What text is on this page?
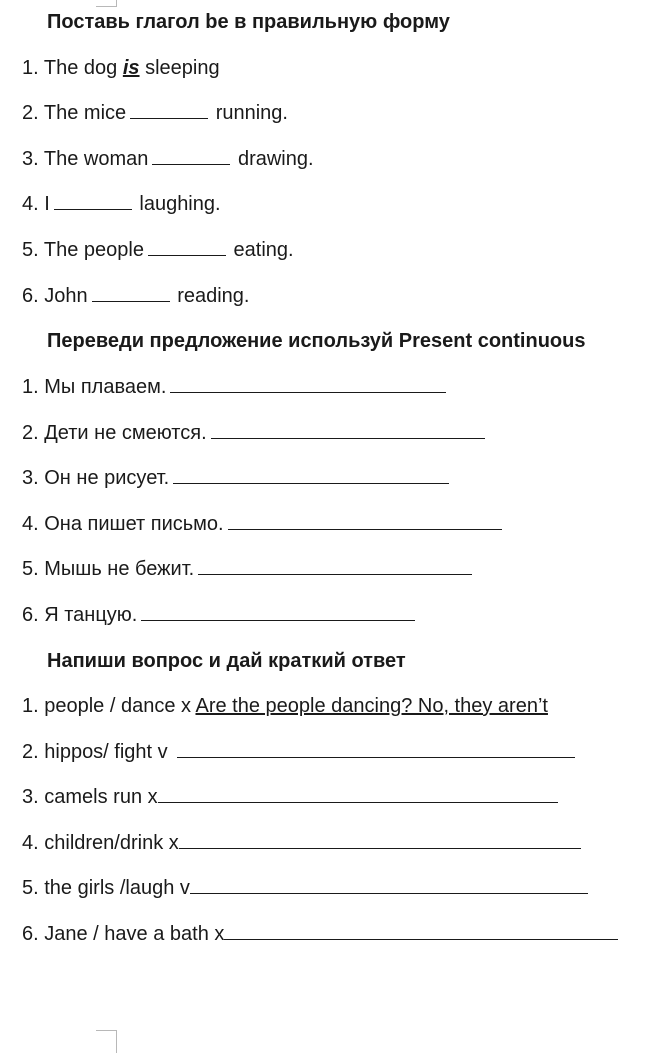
Поставь глагол be в правильную форму
1. The dog is sleeping
2. The mice	running.
3. The woman	drawing.
4. I	laughing.
5. The people	eating.
6. John	reading.
Переведи предложение используй Present continuous
1. Мы плаваем.
2. Дети не смеются.
3. Он не рисует.
4. Она пишет письмо.
5. Мышь не бежит.
6. Я танцую.
Напиши вопрос и дай краткий ответ
1. people / dance x Are the people dancing? No, they aren’t
2. hippos/ fight v
3. camels run x
4. children/drink x
5. the girls /laugh v
6. Jane / have a bath x
